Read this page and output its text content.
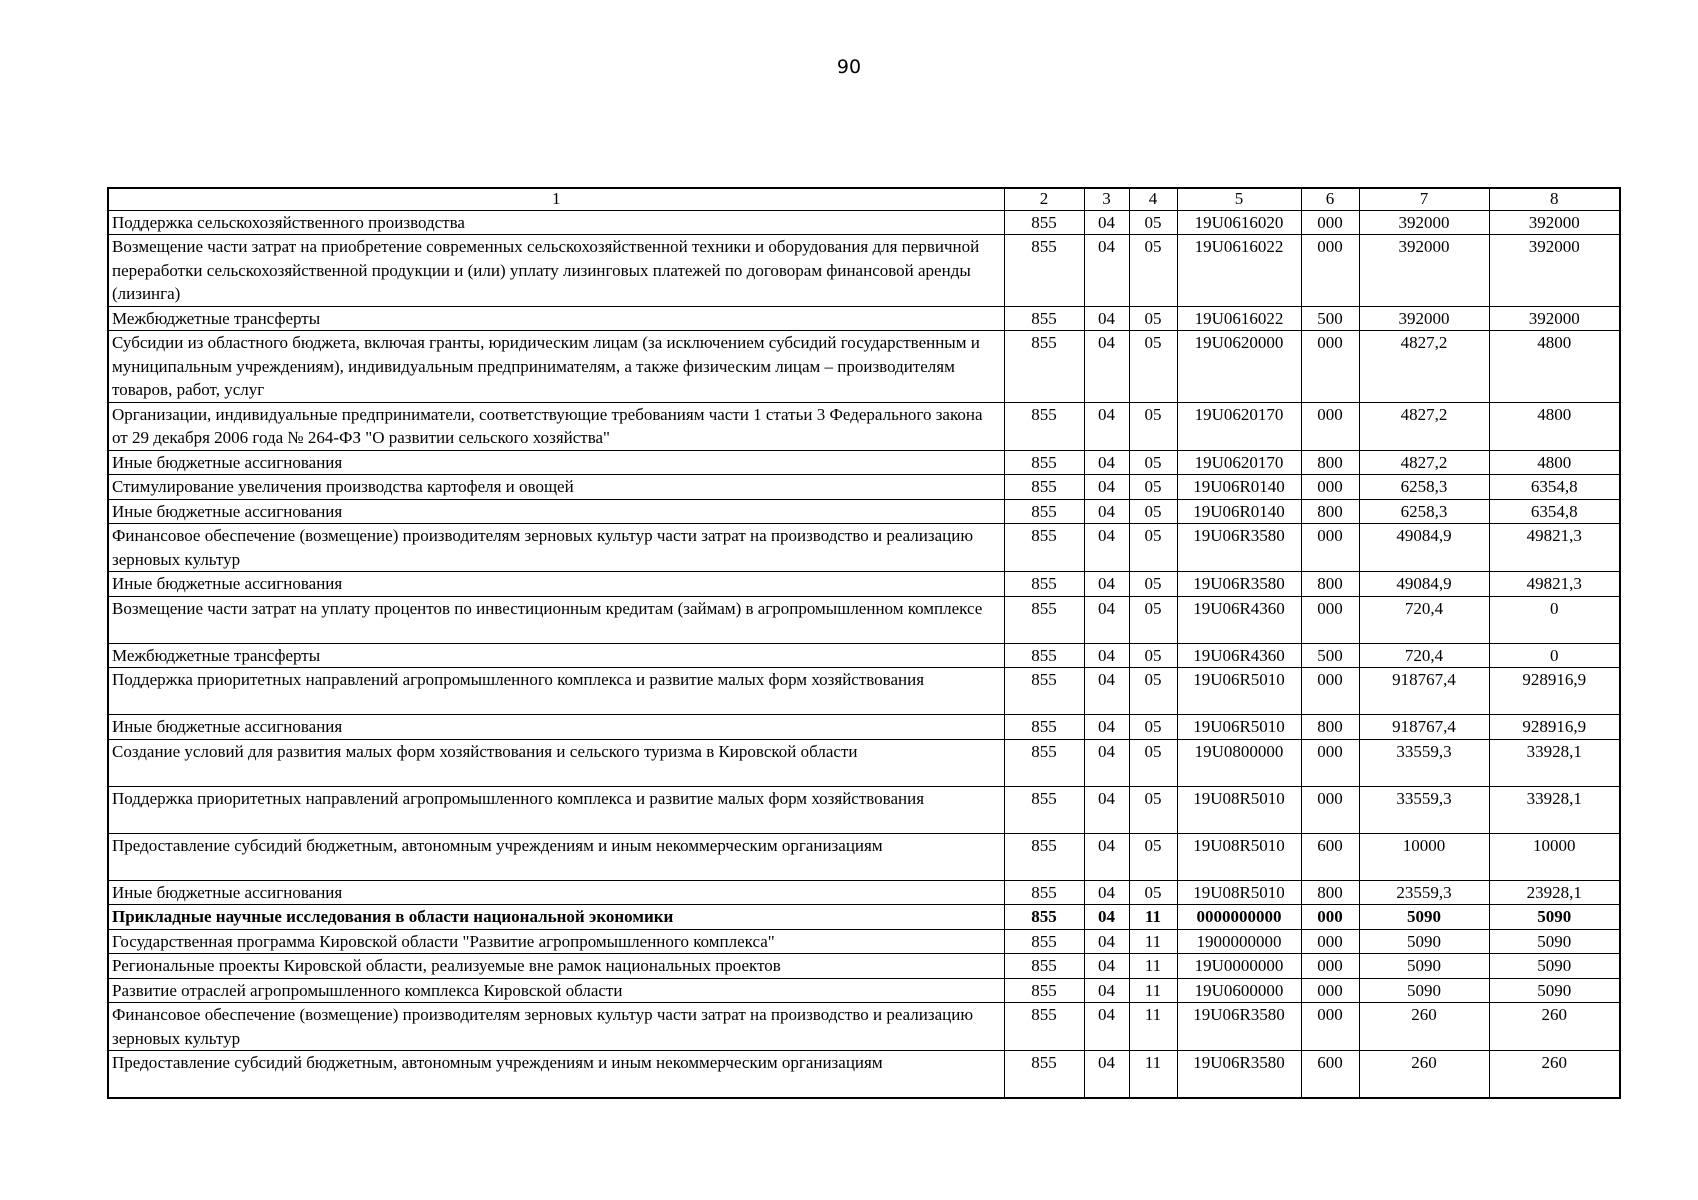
90
1	2	3	4	5	6	7	8
Поддержка сельскохозяйственного производства	855	04	05	19U0616020	000	392000	392000
Возмещение части затрат на приобретение современных сельскохозяйственной техники и оборудования для первичной переработки сельскохозяйственной продукции и (или) уплату лизинговых платежей по договорам финансовой аренды (лизинга)	855	04	05	19U0616022	000	392000	392000
Межбюджетные трансферты	855	04	05	19U0616022	500	392000	392000
Субсидии из областного бюджета, включая гранты, юридическим лицам (за исключением субсидий государственным и муниципальным учреждениям), индивидуальным предпринимателям, а также физическим лицам – производителям товаров, работ, услуг	855	04	05	19U0620000	000	4827,2	4800
Организации, индивидуальные предприниматели, соответствующие требованиям части 1 статьи 3 Федерального закона от 29 декабря 2006 года № 264-ФЗ "О развитии сельского хозяйства"	855	04	05	19U0620170	000	4827,2	4800
Иные бюджетные ассигнования	855	04	05	19U0620170	800	4827,2	4800
Стимулирование увеличения производства картофеля и овощей	855	04	05	19U06R0140	000	6258,3	6354,8
Иные бюджетные ассигнования	855	04	05	19U06R0140	800	6258,3	6354,8
Финансовое обеспечение (возмещение) производителям зерновых культур части затрат на производство и реализацию зерновых культур	855	04	05	19U06R3580	000	49084,9	49821,3
Иные бюджетные ассигнования	855	04	05	19U06R3580	800	49084,9	49821,3
Возмещение части затрат на уплату процентов по инвестиционным кредитам (займам) в агропромышленном комплексе	855	04	05	19U06R4360	000	720,4	0
Межбюджетные трансферты	855	04	05	19U06R4360	500	720,4	0
Поддержка приоритетных направлений агропромышленного комплекса и развитие малых форм хозяйствования	855	04	05	19U06R5010	000	918767,4	928916,9
Иные бюджетные ассигнования	855	04	05	19U06R5010	800	918767,4	928916,9
Создание условий для развития малых форм хозяйствования и сельского туризма в Кировской области	855	04	05	19U0800000	000	33559,3	33928,1
Поддержка приоритетных направлений агропромышленного комплекса и развитие малых форм хозяйствования	855	04	05	19U08R5010	000	33559,3	33928,1
Предоставление субсидий бюджетным, автономным учреждениям и иным некоммерческим организациям	855	04	05	19U08R5010	600	10000	10000
Иные бюджетные ассигнования	855	04	05	19U08R5010	800	23559,3	23928,1
Прикладные научные исследования в области национальной экономики	855	04	11	0000000000	000	5090	5090
Государственная программа Кировской области "Развитие агропромышленного комплекса"	855	04	11	1900000000	000	5090	5090
Региональные проекты Кировской области, реализуемые вне рамок национальных проектов	855	04	11	19U0000000	000	5090	5090
Развитие отраслей агропромышленного комплекса Кировской области	855	04	11	19U0600000	000	5090	5090
Финансовое обеспечение (возмещение) производителям зерновых культур части затрат на производство и реализацию зерновых культур	855	04	11	19U06R3580	000	260	260
Предоставление субсидий бюджетным, автономным учреждениям и иным некоммерческим организациям	855	04	11	19U06R3580	600	260	260
